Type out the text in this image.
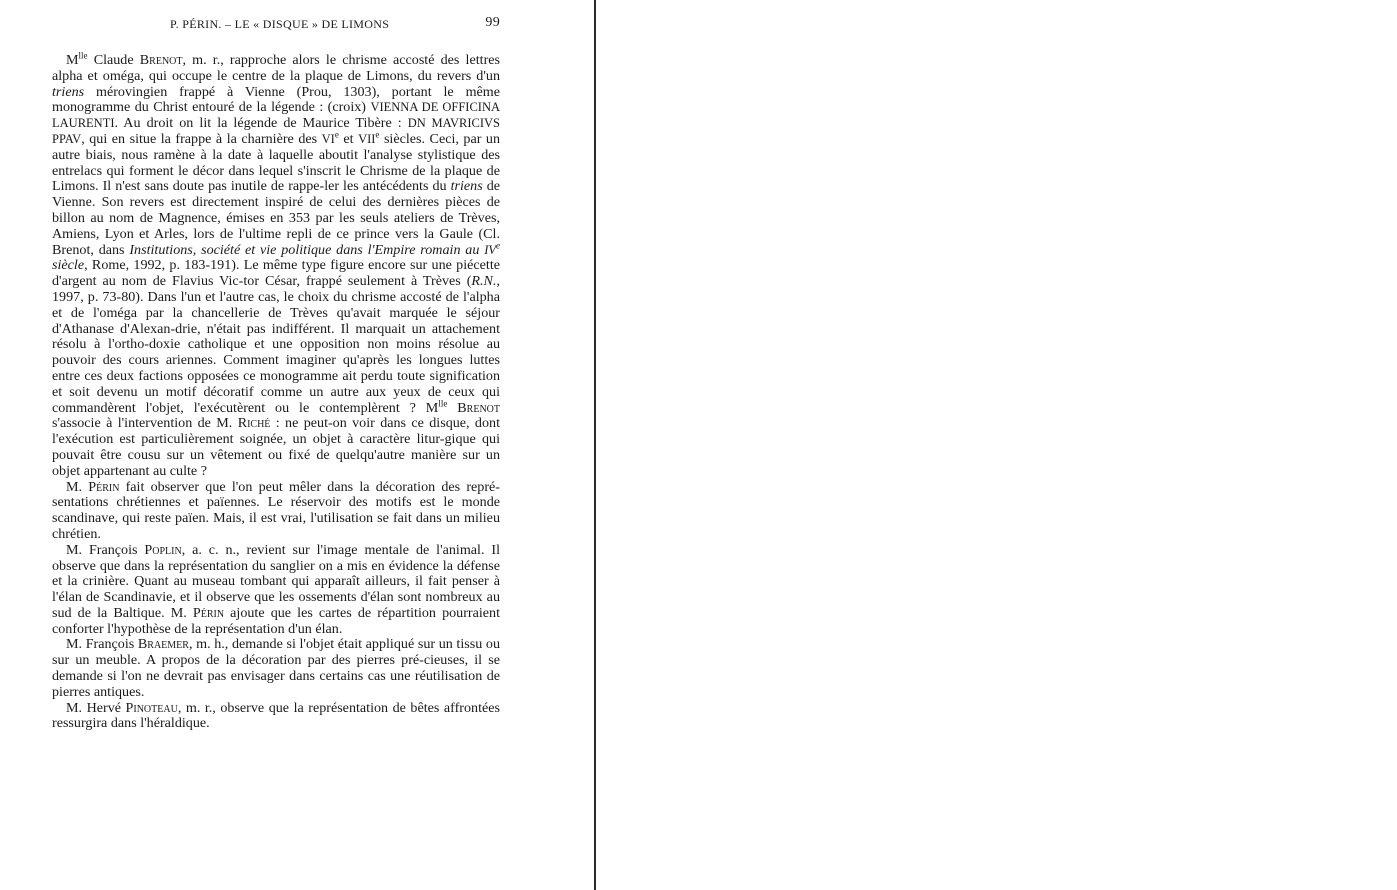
P. PÉRIN. – LE « DISQUE » DE LIMONS	99

$M^{lle}$ Claude Brenot, m. r., rapproche alors le chrisme accosté des lettres alpha et oméga, qui occupe le centre de la plaque de Limons, du revers d'un triens mérovingien frappé à Vienne (Prou, 1303), portant le même monogramme du Christ entouré de la légende : (croix) VIENNA DE OFFICINA LAURENTI. Au droit on lit la légende de Maurice Tibère : DN MAVRICIVS PPAV, qui en situe la frappe à la charnière des VIe et VIIe siècles. Ceci, par un autre biais, nous ramène à la date à laquelle aboutit l'analyse stylistique des entrelacs qui forment le décor dans lequel s'inscrit le Chrisme de la plaque de Limons. Il n'est sans doute pas inutile de rappe-ler les antécédents du triens de Vienne. Son revers est directement inspiré de celui des dernières pièces de billon au nom de Magnence, émises en 353 par les seuls ateliers de Trèves, Amiens, Lyon et Arles, lors de l'ultime repli de ce prince vers la Gaule (Cl. Brenot, dans Institutions, société et vie politique dans l'Empire romain au IVe siècle, Rome, 1992, p. 183-191). Le même type figure encore sur une piécette d'argent au nom de Flavius Vic-tor César, frappé seulement à Trèves (R.N., 1997, p. 73-80). Dans l'un et l'autre cas, le choix du chrisme accosté de l'alpha et de l'oméga par la chancellerie de Trèves qu'avait marquée le séjour d'Athanase d'Alexan-drie, n'était pas indifférent. Il marquait un attachement résolu à l'ortho-doxie catholique et une opposition non moins résolue au pouvoir des cours ariennes. Comment imaginer qu'après les longues luttes entre ces deux factions opposées ce monogramme ait perdu toute signification et soit devenu un motif décoratif comme un autre aux yeux de ceux qui commandèrent l'objet, l'exécutèrent ou le contemplèrent ? $M^{lle}$ Brenot s'associe à l'intervention de M. Riché : ne peut-on voir dans ce disque, dont l'exécution est particulièrement soignée, un objet à caractère litur-gique qui pouvait être cousu sur un vêtement ou fixé de quelqu'autre manière sur un objet appartenant au culte ?

M. Périn fait observer que l'on peut mêler dans la décoration des repré-sentations chrétiennes et païennes. Le réservoir des motifs est le monde scandinave, qui reste païen. Mais, il est vrai, l'utilisation se fait dans un milieu chrétien.

M. François Poplin, a. c. n., revient sur l'image mentale de l'animal. Il observe que dans la représentation du sanglier on a mis en évidence la défense et la crinière. Quant au museau tombant qui apparaît ailleurs, il fait penser à l'élan de Scandinavie, et il observe que les ossements d'élan sont nombreux au sud de la Baltique. M. Périn ajoute que les cartes de répartition pourraient conforter l'hypothèse de la représentation d'un élan.

M. François Braemer, m. h., demande si l'objet était appliqué sur un tissu ou sur un meuble. A propos de la décoration par des pierres pré-cieuses, il se demande si l'on ne devrait pas envisager dans certains cas une réutilisation de pierres antiques.

M. Hervé Pinoteau, m. r., observe que la représentation de bêtes affrontées ressurgira dans l'héraldique.
